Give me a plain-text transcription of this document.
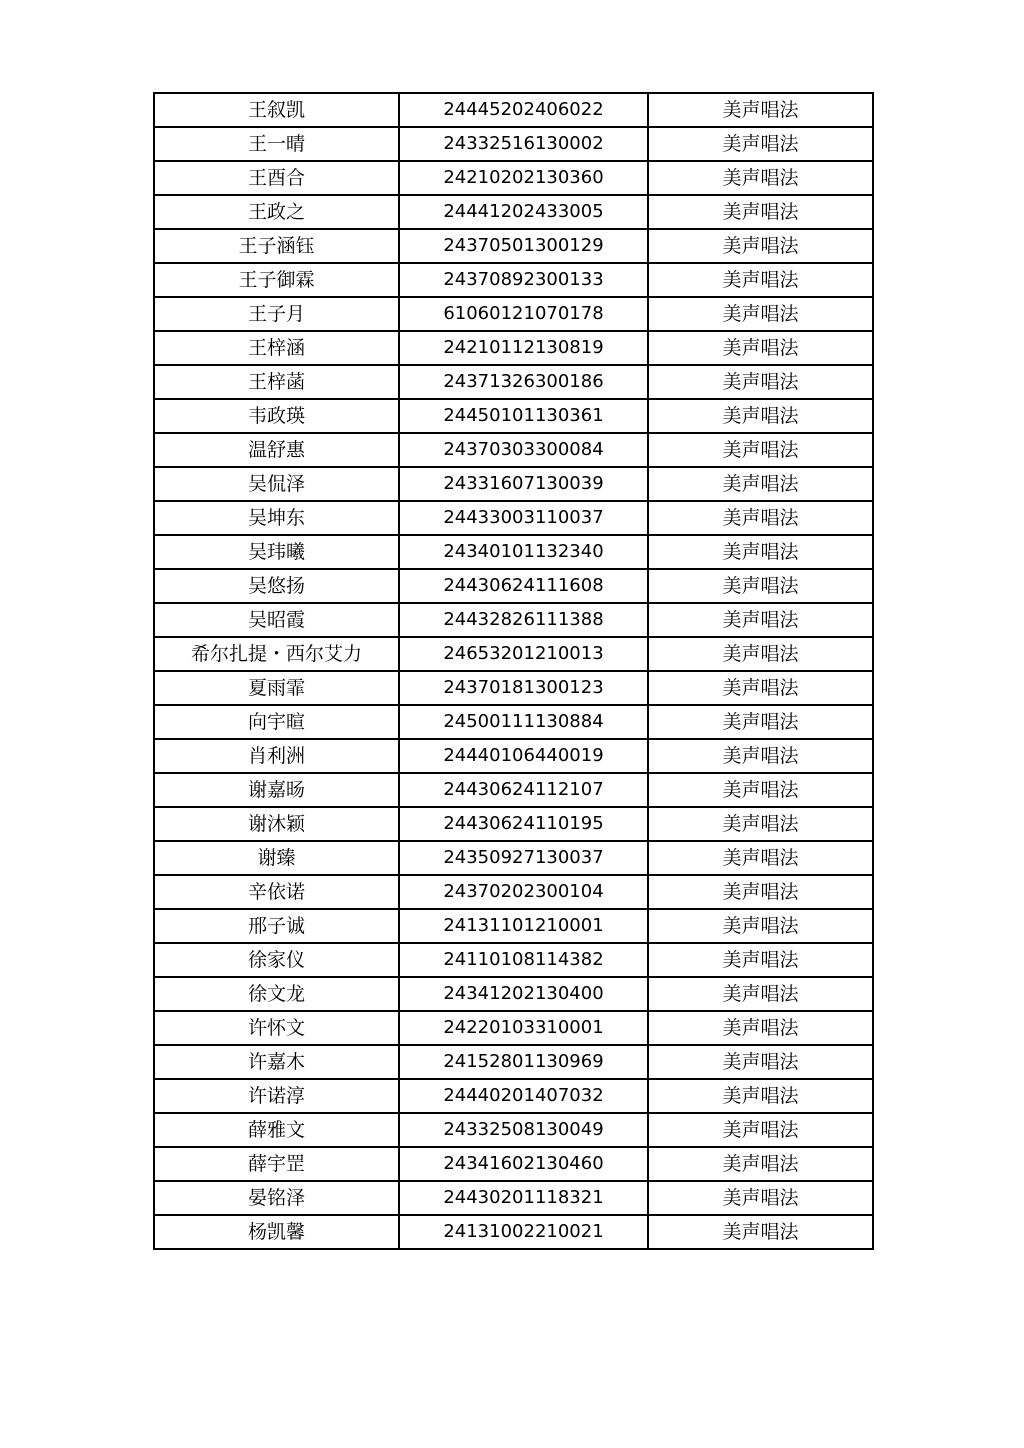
王叙凯	24445202406022	美声唱法
王一晴	24332516130002	美声唱法
王酉合	24210202130360	美声唱法
王政之	24441202433005	美声唱法
王子涵钰	24370501300129	美声唱法
王子御霖	24370892300133	美声唱法
王子月	61060121070178	美声唱法
王梓涵	24210112130819	美声唱法
王梓菡	24371326300186	美声唱法
韦政瑛	24450101130361	美声唱法
温舒惠	24370303300084	美声唱法
吴侃泽	24331607130039	美声唱法
吴坤东	24433003110037	美声唱法
吴玮曦	24340101132340	美声唱法
吴悠扬	24430624111608	美声唱法
吴昭霞	24432826111388	美声唱法
希尔扎提・西尔艾力	24653201210013	美声唱法
夏雨霏	24370181300123	美声唱法
向宇暄	24500111130884	美声唱法
肖利洲	24440106440019	美声唱法
谢嘉旸	24430624112107	美声唱法
谢沐颖	24430624110195	美声唱法
谢臻	24350927130037	美声唱法
辛依诺	24370202300104	美声唱法
邢子诚	24131101210001	美声唱法
徐家仪	24110108114382	美声唱法
徐文龙	24341202130400	美声唱法
许怀文	24220103310001	美声唱法
许嘉木	24152801130969	美声唱法
许诺淳	24440201407032	美声唱法
薛雅文	24332508130049	美声唱法
薛宇罡	24341602130460	美声唱法
晏铭泽	24430201118321	美声唱法
杨凯馨	24131002210021	美声唱法
